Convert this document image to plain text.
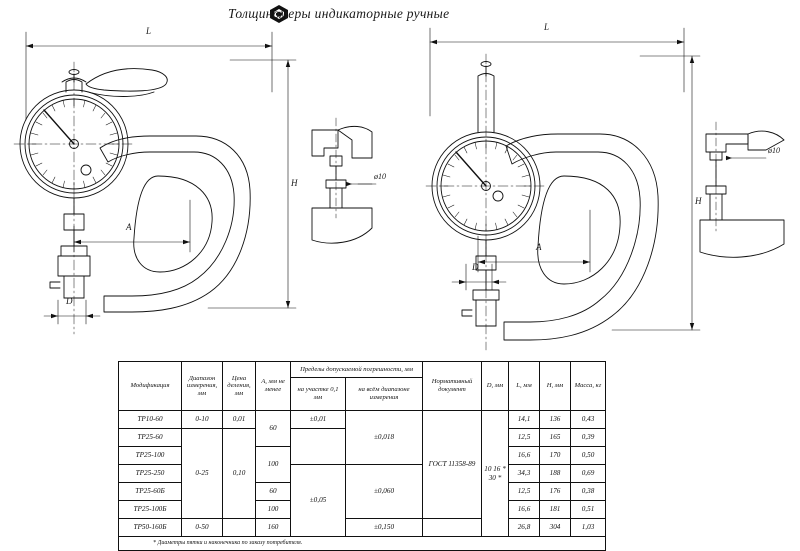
Толщиномеры индикаторные ручные
L
H
A
D
ø10
L
H
A
D
ø10
Модификация	Диапазон измерения, мм	Цена деления, мм	A, мм не менее	Пределы допускаемой погрешности, мм		Нормативный документ	D, мм	L, мм	H, мм	Масса, кг
				на участке 0,1 мм	на всём диапазоне измерения					
ТР10-60	0-10	0,01	60	±0,01	±0,018	ГОСТ 11358-89	10 16 * 30 *	14,1	136	0,43
ТР25-60	0-25	0,10						12,5	165	0,39
ТР25-100			100					16,6	170	0,50
ТР25-250				±0,05	±0,060			34,3	188	0,69
ТР25-60Б			60					12,5	176	0,38
ТР25-100Б			100					16,6	181	0,51
ТР50-160Б	0-50		160		±0,150			26,8	304	1,03
* Диаметры пятки и наконечника по заказу потребителя.										
